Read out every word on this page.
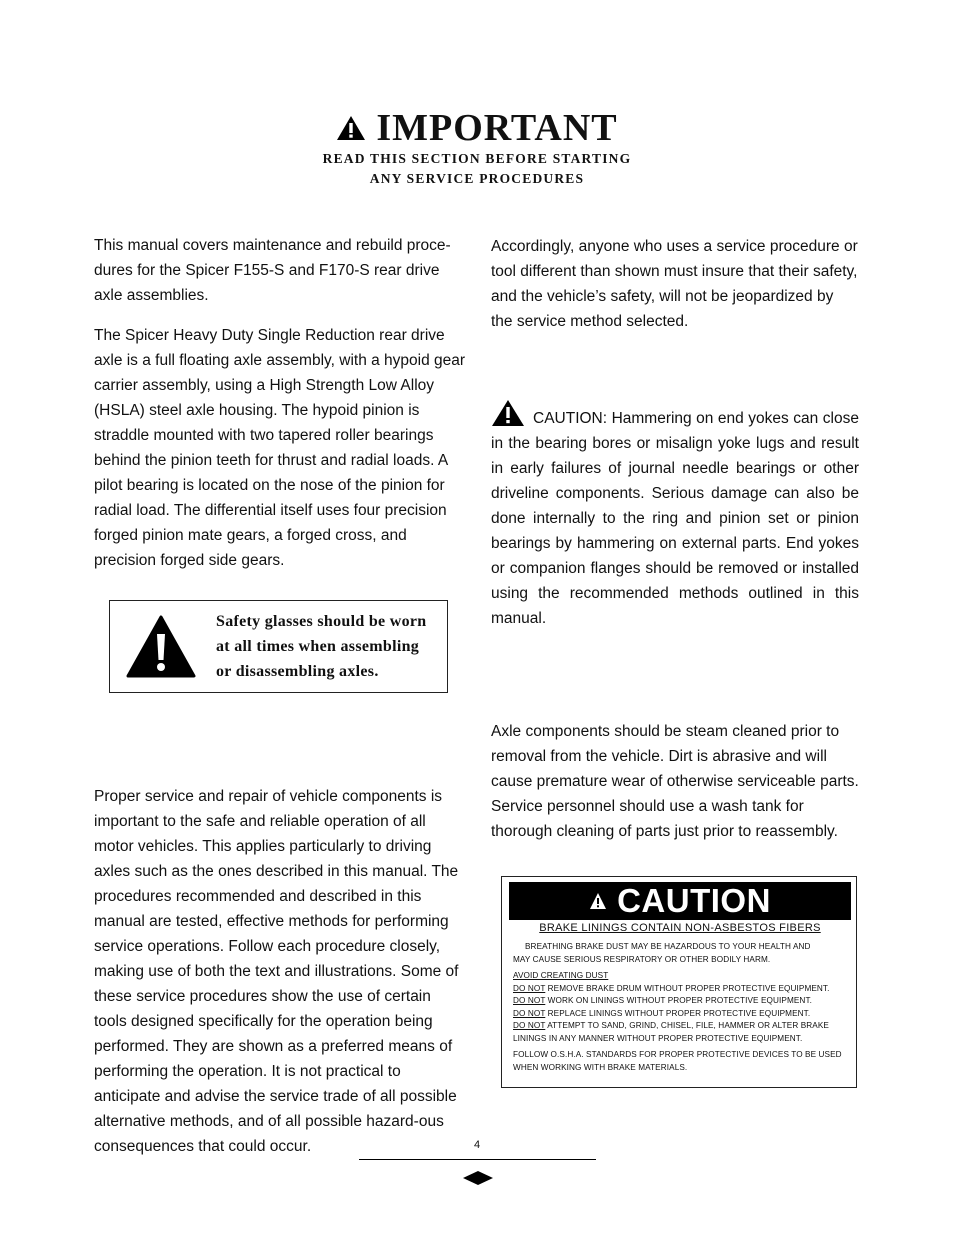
IMPORTANT
READ THIS SECTION BEFORE STARTING
ANY SERVICE PROCEDURES

This manual covers maintenance and rebuild proce-dures for the Spicer F155-S and F170-S rear drive axle assemblies.

The Spicer Heavy Duty Single Reduction rear drive axle is a full floating axle assembly, with a hypoid gear carrier assembly, using a High Strength Low Alloy (HSLA) steel axle housing. The hypoid pinion is straddle mounted with two tapered roller bearings behind the pinion teeth for thrust and radial loads. A pilot bearing is located on the nose of the pinion for radial load. The differential itself uses four precision forged pinion mate gears, a forged cross, and precision forged side gears.

Safety glasses should be worn
at all times when assembling
or disassembling axles.

Proper service and repair of vehicle components is important to the safe and reliable operation of all motor vehicles. This applies particularly to driving axles such as the ones described in this manual. The procedures recommended and described in this manual are tested, effective methods for performing service operations. Follow each procedure closely, making use of both the text and illustrations. Some of these service procedures show the use of certain tools designed specifically for the operation being performed. They are shown as a preferred means of performing the operation. It is not practical to anticipate and advise the service trade of all possible alternative methods, and of all possible hazard-ous consequences that could occur.

Accordingly, anyone who uses a service procedure or tool different than shown must insure that their safety, and the vehicle’s safety, will not be jeopardized by the service method selected.

CAUTION: Hammering on end yokes can close in the bearing bores or misalign yoke lugs and result in early failures of journal needle bearings or other driveline components. Serious damage can also be done internally to the ring and pinion set or pinion bearings by hammering on external parts. End yokes or companion flanges should be removed or installed using the recommended methods outlined in this manual.

Axle components should be steam cleaned prior to removal from the vehicle. Dirt is abrasive and will cause premature wear of otherwise serviceable parts.

Service personnel should use a wash tank for thorough cleaning of parts just prior to reassembly.

CAUTION
BRAKE LININGS CONTAIN NON-ASBESTOS FIBERS
BREATHING BRAKE DUST MAY BE HAZARDOUS TO YOUR HEALTH AND
MAY CAUSE SERIOUS RESPIRATORY OR OTHER BODILY HARM.
AVOID CREATING DUST
DO NOT REMOVE BRAKE DRUM WITHOUT PROPER PROTECTIVE EQUIPMENT.
DO NOT WORK ON LININGS WITHOUT PROPER PROTECTIVE EQUIPMENT.
DO NOT REPLACE LININGS WITHOUT PROPER PROTECTIVE EQUIPMENT.
DO NOT ATTEMPT TO SAND, GRIND, CHISEL, FILE, HAMMER OR ALTER BRAKE
LININGS IN ANY MANNER WITHOUT PROPER PROTECTIVE EQUIPMENT.
FOLLOW O.S.H.A. STANDARDS FOR PROPER PROTECTIVE DEVICES TO BE USED
WHEN WORKING WITH BRAKE MATERIALS.
4
